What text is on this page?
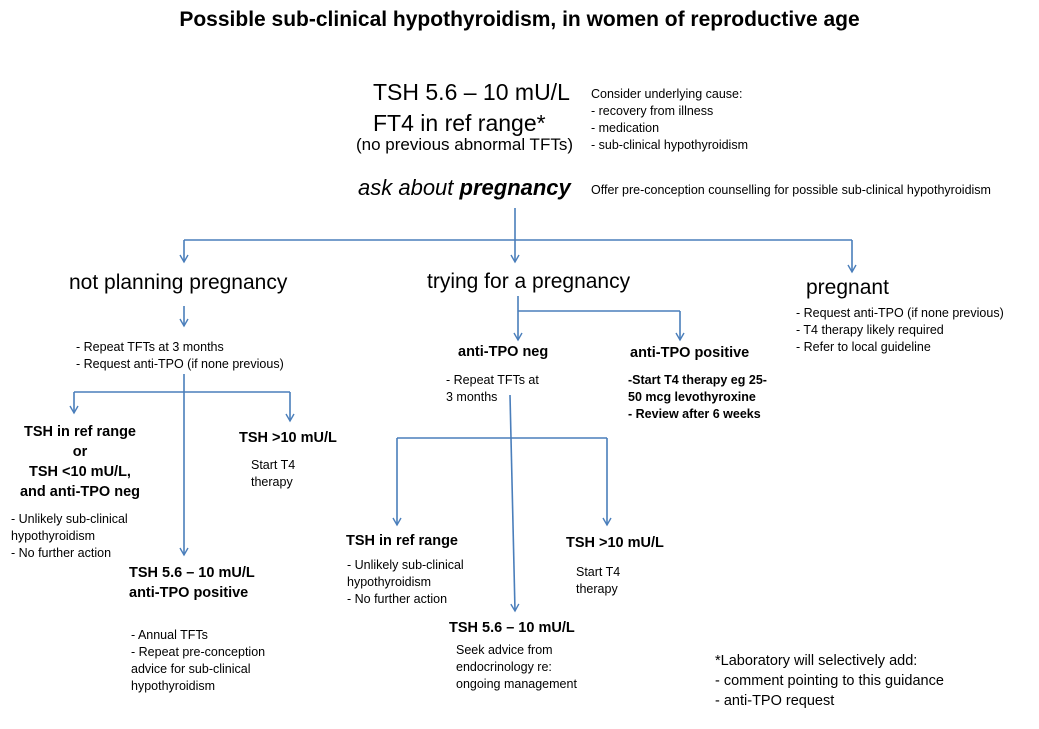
Possible sub-clinical hypothyroidism, in women of reproductive age
TSH 5.6 – 10 mU/L
FT4 in ref range*
(no previous abnormal TFTs)
Consider underlying cause:
- recovery from illness
- medication
- sub-clinical hypothyroidism
ask about pregnancy Offer pre-conception counselling for possible sub-clinical hypothyroidism
not planning pregnancy	trying for a pregnancy	pregnant
- Repeat TFTs at 3 months
- Request anti-TPO (if none previous)
TSH in ref range
or
TSH <10 mU/L,
and anti-TPO neg
- Unlikely sub-clinical
hypothyroidism
- No further action
TSH >10 mU/L
Start T4
therapy
TSH 5.6 – 10 mU/L
anti-TPO positive
- Annual TFTs
- Repeat pre-conception
advice for sub-clinical
hypothyroidism
anti-TPO neg
- Repeat TFTs at
3 months
anti-TPO positive
-Start T4 therapy eg 25-
50 mcg levothyroxine
- Review after 6 weeks
TSH in ref range
- Unlikely sub-clinical
hypothyroidism
- No further action
TSH >10 mU/L
Start T4
therapy
TSH 5.6 – 10 mU/L
Seek advice from
endocrinology re:
ongoing management
- Request anti-TPO (if none previous)
- T4 therapy likely required
- Refer to local guideline
*Laboratory will selectively add:
- comment pointing to this guidance
- anti-TPO request
